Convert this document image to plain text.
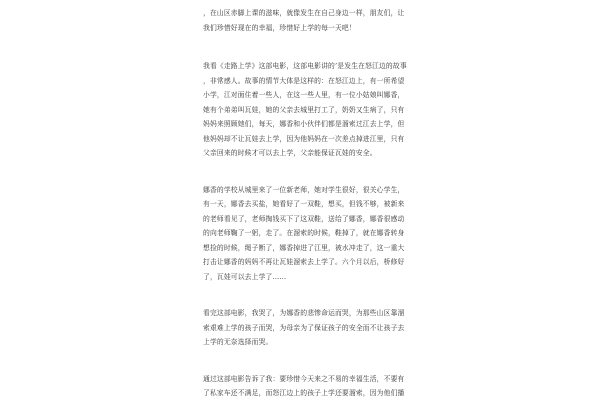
，在山区赤脚上课的滋味，就像发生在自己身边一样，朋友们，让
我们珍惜好现在的幸福，珍惜好上学的每一天吧！
我看《走路上学》这部电影，这部电影讲的’是发生在怒江边的故事
，非常感人。故事的情节大体是这样的：在怒江边上，有一所希望
小学，江对面住着一些人，在这一些人里，有一位小姑娘叫娜香，
她有个弟弟叫瓦娃，她的父亲去城里打工了，奶奶又生病了，只有
妈妈来照顾她们，每天，娜香和小伙伴们都是溜索过江去上学，但
他妈妈却不让瓦娃去上学，因为他妈妈在一次差点掉进江里，只有
父亲回来的时候才可以去上学，父亲能保证瓦娃的安全。
娜香的学校从城里来了一位新老师，她对学生很好，很关心学生，
有一天，娜香去买盐，她看好了一双鞋，想买，但钱不够，被新来
的老师看见了，老师掏钱买下了这双鞋，送给了娜香，娜香很感动
的向老师鞠了一躬，走了。在溜索的时候，鞋掉了，就在娜香转身
想捡的时候，绳子断了，娜香掉进了江里，被水冲走了，这一重大
打击让娜香的妈妈不再让瓦娃溜索去上学了。六个月以后，桥修好
了，瓦娃可以去上学了……
看完这部电影，我哭了，为娜香的悲惨命运而哭，为那些山区靠溜
索艰难上学的孩子而哭，为母亲为了保证孩子的安全而不让孩子去
上学的无奈选择而哭。
通过这部电影告诉了我：要珍惜今天来之不易的幸福生活，不要有
了私家车还不满足，而怒江边上的孩子上学还要溜索，因为他们播
